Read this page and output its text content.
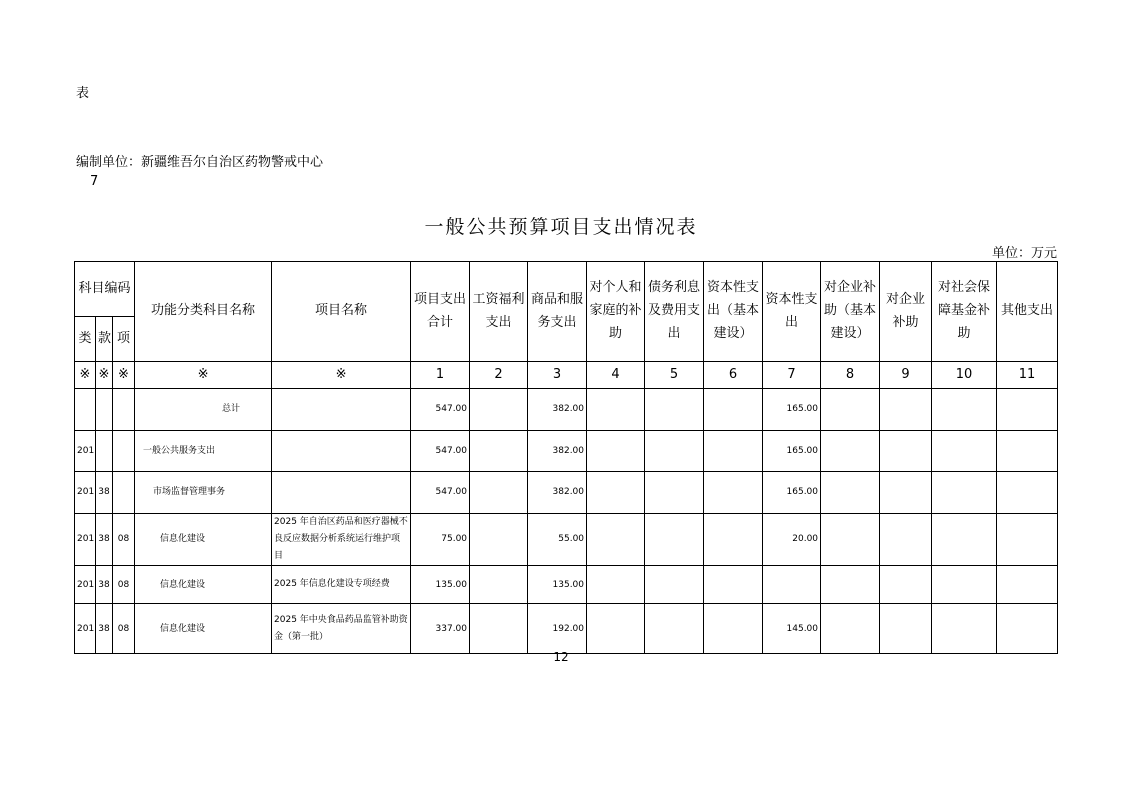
表
编制单位：新疆维吾尔自治区药物警戒中心
7
一般公共预算项目支出情况表
单位：万元
科目编码			功能分类科目名称	项目名称	项目支出合计	工资福利支出	商品和服务支出	对个人和家庭的补助	债务利息及费用支出	资本性支出（基本建设）	资本性支出	对企业补助（基本建设）	对企业补助	对社会保障基金补助	其他支出
类	款	项													
※	※	※	※	※	1	2	3	4	5	6	7	8	9	10	11
			总计		547.00		382.00				165.00				
201			一般公共服务支出		547.00		382.00				165.00				
201	38		市场监督管理事务		547.00		382.00				165.00				
201	38	08	信息化建设	2025 年自治区药品和医疗器械不良反应数据分析系统运行维护项目	75.00		55.00				20.00				
201	38	08	信息化建设	2025 年信息化建设专项经费	135.00		135.00								
201	38	08	信息化建设	2025 年中央食品药品监管补助资金（第一批）	337.00		192.00				145.00				
12
